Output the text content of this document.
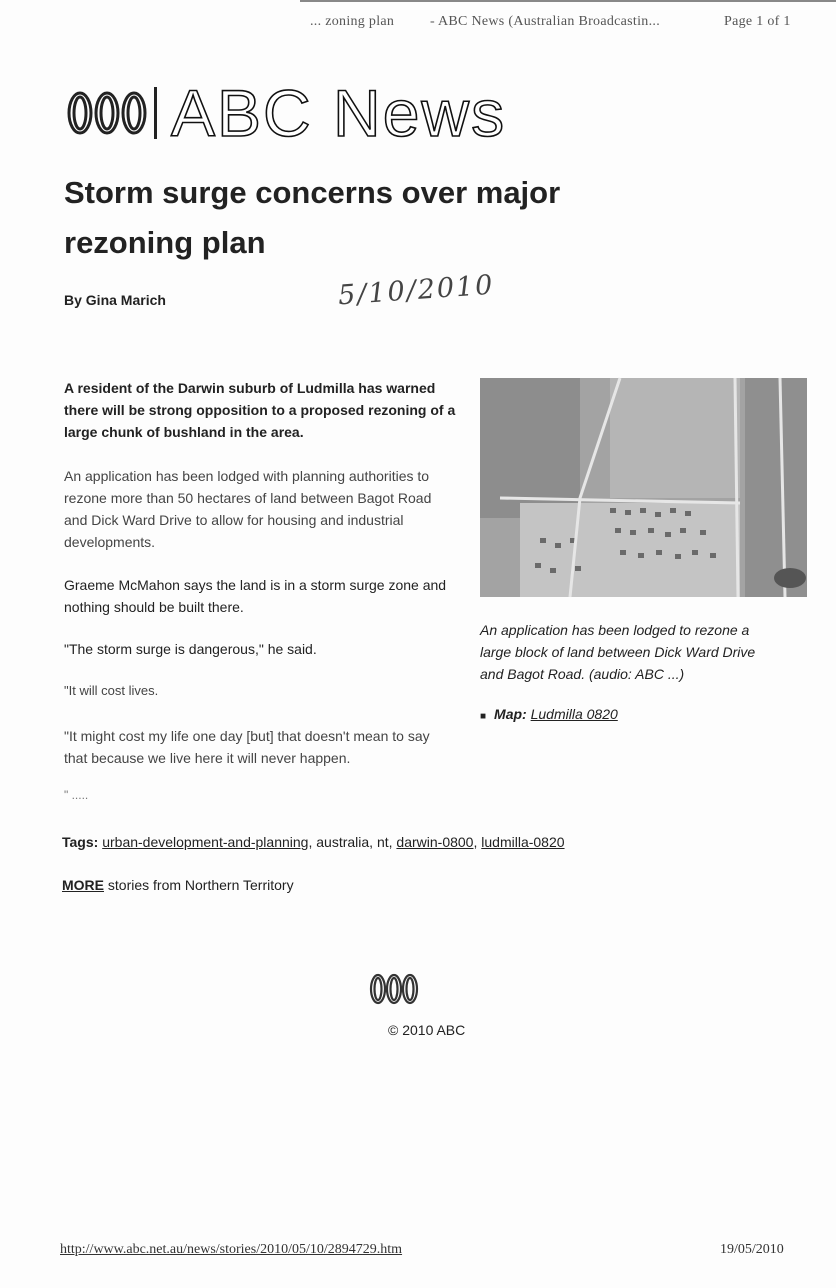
... zoning plan	- ABC News (Australian Broadcastin...	Page 1 of 1
ABC News
Storm surge concerns over major
rezoning plan
By Gina Marich	5/10/2010
A resident of the Darwin suburb of Ludmilla has warned there will be strong opposition to a proposed rezoning of a large chunk of bushland in the area.
An application has been lodged with planning authorities to rezone more than 50 hectares of land between Bagot Road and Dick Ward Drive to allow for housing and industrial developments.
Graeme McMahon says the land is in a storm surge zone and nothing should be built there.
"The storm surge is dangerous," he said.
"It will cost lives.
"It might cost my life one day [but] that doesn't mean to say that because we live here it will never happen.
" .....
An application has been lodged to rezone a large block of land between Dick Ward Drive and Bagot Road. (audio: ABC ...)
■ Map: Ludmilla 0820
Tags: urban-development-and-planning, australia, nt, darwin-0800, ludmilla-0820
MORE stories from Northern Territory
© 2010 ABC
http://www.abc.net.au/news/stories/2010/05/10/2894729.htm	19/05/2010
